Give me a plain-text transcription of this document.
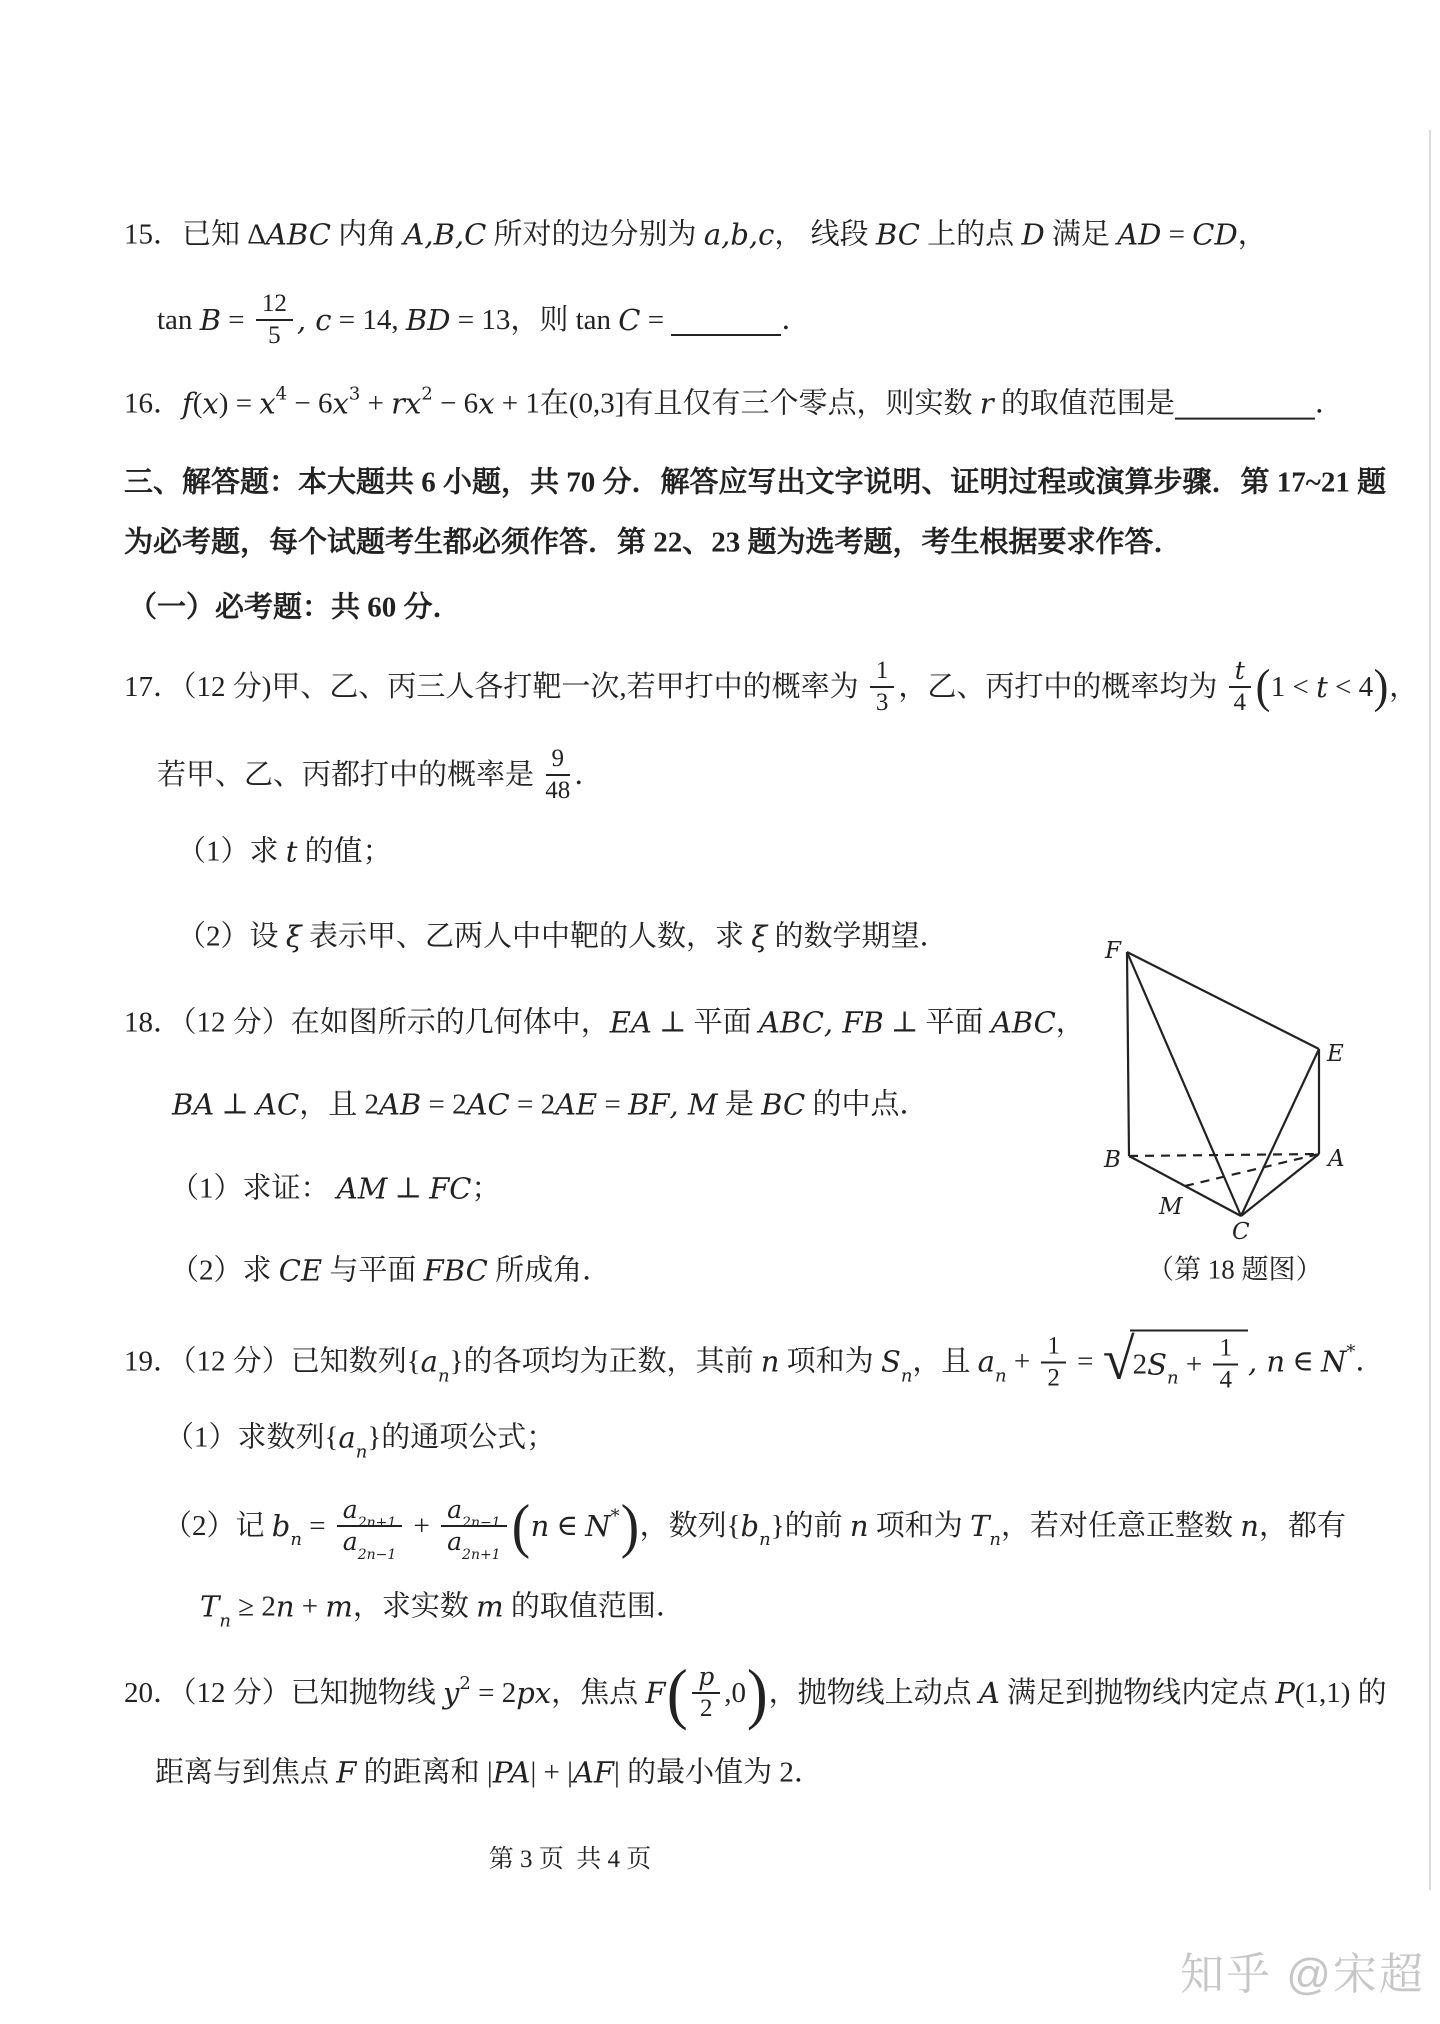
15．已知 Δ ABC 内角 A,B,C 所对的边分别为 a,b,c ， 线段 BC 上的点 D 满足 AD = CD ，
$\tan B = \frac{12}{5}$ , c = 14, BD = 13，则 tan C =	．
16． f ( x ) = x 4 − 6 x 3 + r x 2 − 6 x + 1在(0,3]有且仅有三个零点，则实数 r 的取值范围是	．
三、解答题：本大题共 6 小题，共 70 分．解答应写出文字说明、证明过程或演算步骤．第 17~21 题
为必考题，每个试题考生都必须作答．第 22、23 题为选考题，考生根据要求作答．
（一）必考题：共 60 分．
17．（12 分)甲、乙、丙三人各打靶一次,若甲打中的概率为
1
3 ，乙、丙打中的概率均为
t
4 ( 1 < t < 4 ) ，
若甲、乙、丙都打中的概率是
9
48 ．
（1）求 t 的值；
（2）设 ξ 表示甲、乙两人中中靶的人数，求 ξ 的数学期望．
18．（12 分）在如图所示的几何体中， EA ⊥ 平面 ABC , FB ⊥ 平面 ABC ，
BA ⊥ AC ，且 2 AB = 2 AC = 2 AE = BF , M 是 BC 的中点．
（1）求证： AM ⊥ FC ；
（2）求 CE 与平面 FBC 所成角．
19．（12 分）已知数列{ a n }的各项均为正数，其前 n 项和为 S n ，且 a $n + \frac{1}{2}$ = √
2 S $n + \frac{1}{4}$ , n ∈ N * ．
（1）求数列{ a n }的通项公式；
（2）记 b $n = \frac{a 2n+1}{a 2n-1} + \frac{a 2n-1}{a 2n+1}$ ( n ∈ N * ) ，数列{ b n }的前 n 项和为 T n ，若对任意正整数 n ，都有
T n ≥ 2 n + m ，求实数 m 的取值范围．
20．（12 分）已知抛物线 y 2 = 2 px ，焦点 F ( p
2 ,0 ) ，抛物线上动点 A 满足到抛物线内定点 P (1,1) 的
距离与到焦点 F 的距离和 | PA | + | AF | 的最小值为 2．
F
E
B	A
M
C
（第 18 题图）
第 3 页  共 4 页
知乎 @宋超
